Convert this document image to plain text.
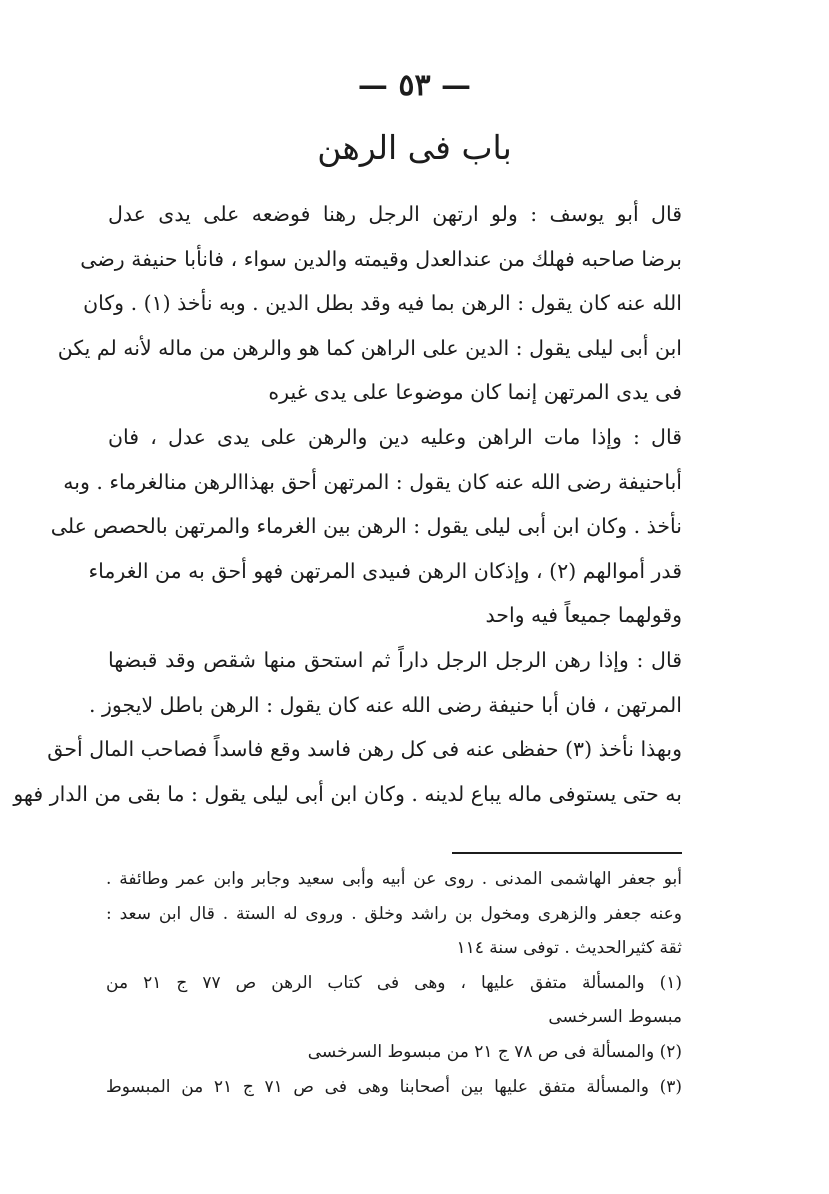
— ٥٣ —
باب فى الرهن
قال أبو يوسف : ولو ارتهن الرجل رهنا فوضعه على يدى عدل
برضا صاحبه فهلك من عندالعدل وقيمته والدين سواء ، فانأبا حنيفة رضى
الله عنه كان يقول : الرهن بما فيه وقد بطل الدين . وبه نأخذ (١) . وكان
ابن أبى ليلى يقول : الدين على الراهن كما هو والرهن من ماله لأنه لم يكن
فى يدى المرتهن إنما كان موضوعا على يدى غيره
قال : وإذا مات الراهن وعليه دين والرهن على يدى عدل ، فان
أباحنيفة رضى الله عنه كان يقول : المرتهن أحق بهذاالرهن منالغرماء . وبه
نأخذ . وكان ابن أبى ليلى يقول : الرهن بين الغرماء والمرتهن بالحصص على
قدر أموالهم (٢) ، وإذكان الرهن فىيدى المرتهن فهو أحق به من الغرماء
وقولهما جميعاً فيه واحد
قال : وإذا رهن الرجل الرجل داراً ثم استحق منها شقص وقد قبضها
المرتهن ، فان أبا حنيفة رضى الله عنه كان يقول : الرهن باطل لايجوز .
وبهذا نأخذ (٣) حفظى عنه فى كل رهن فاسد وقع فاسداً فصاحب المال أحق
به حتى يستوفى ماله يباع لدينه . وكان ابن أبى ليلى يقول : ما بقى من الدار فهو
أبو جعفر الهاشمى المدنى . روى عن أبيه وأبى سعيد وجابر وابن عمر وطائفة .
وعنه جعفر والزهرى ومخول بن راشد وخلق . وروى له الستة . قال ابن سعد :
ثقة كثيرالحديث . توفى سنة ١١٤
(١) والمسألة متفق عليها ، وهى فى كتاب الرهن ص ٧٧ ج ٢١ من
مبسوط السرخسى
(٢) والمسألة فى ص ٧٨ ج ٢١ من مبسوط السرخسى
(٣) والمسألة متفق عليها بين أصحابنا وهى فى ص ٧١ ج ٢١ من المبسوط
